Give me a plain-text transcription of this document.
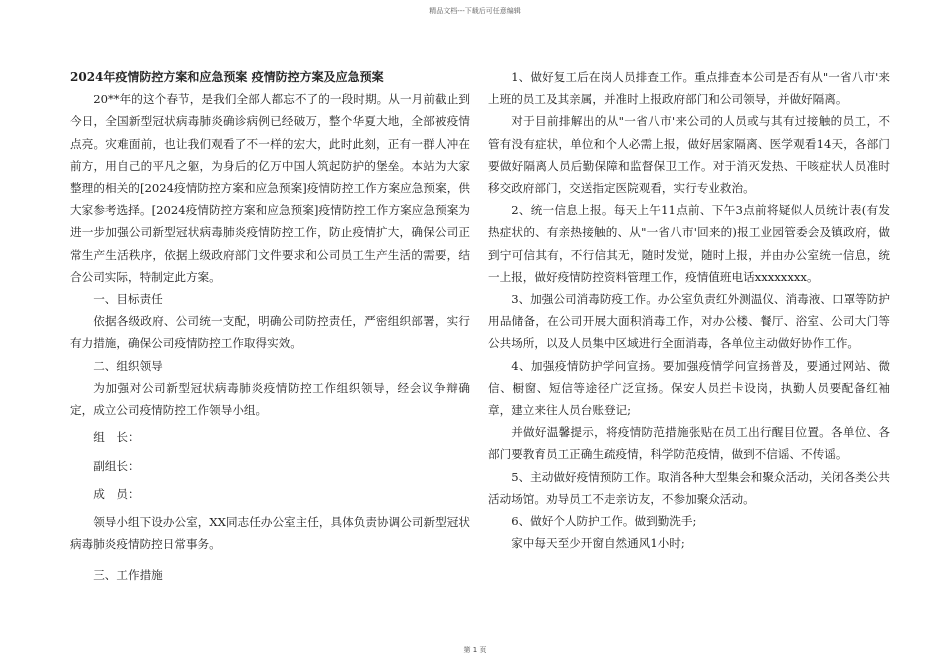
精品文档---下载后可任意编辑

2024年疫情防控方案和应急预案 疫情防控方案及应急预案

20**年的这个春节，是我们全部人都忘不了的一段时期。从一月前截止到今日，全国新型冠状病毒肺炎确诊病例已经破万，整个华夏大地，全部被疫情点亮。灾难面前，也让我们观看了不一样的宏大，此时此刻，正有一群人冲在前方，用自己的平凡之躯，为身后的亿万中国人筑起防护的堡垒。本站为大家整理的相关的[2024疫情防控方案和应急预案]疫情防控工作方案应急预案，供大家参考选择。[2024疫情防控方案和应急预案]疫情防控工作方案应急预案为进一步加强公司新型冠状病毒肺炎疫情防控工作，防止疫情扩大，确保公司正常生产生活秩序，依据上级政府部门文件要求和公司员工生产生活的需要，结合公司实际，特制定此方案。

一、目标责任

依据各级政府、公司统一支配，明确公司防控责任，严密组织部署，实行有力措施，确保公司疫情防控工作取得实效。

二、组织领导

为加强对公司新型冠状病毒肺炎疫情防控工作组织领导，经会议争辩确定，成立公司疫情防控工作领导小组。

组　长：

副组长：

成　员：

领导小组下设办公室，XX同志任办公室主任，具体负责协调公司新型冠状病毒肺炎疫情防控日常事务。

三、工作措施

1、做好复工后在岗人员排查工作。重点排查本公司是否有从"一省八市'来上班的员工及其亲属，并准时上报政府部门和公司领导，并做好隔离。

对于目前排解出的从"一省八市'来公司的人员或与其有过接触的员工，不管有没有症状，单位和个人必需上报，做好居家隔离、医学观看14天，各部门要做好隔离人员后勤保障和监督保卫工作。对于消灭发热、干咳症状人员准时移交政府部门，交送指定医院观看，实行专业救治。

2、统一信息上报。每天上午11点前、下午3点前将疑似人员统计表(有发热症状的、有亲热接触的、从"一省八市'回来的)报工业园管委会及镇政府，做到宁可信其有，不行信其无，随时发觉，随时上报，并由办公室统一信息，统一上报，做好疫情防控资料管理工作，疫情值班电话xxxxxxxx。

3、加强公司消毒防疫工作。办公室负责红外测温仪、消毒液、口罩等防护用品储备，在公司开展大面积消毒工作，对办公楼、餐厅、浴室、公司大门等公共场所，以及人员集中区域进行全面消毒，各单位主动做好协作工作。

4、加强疫情防护学问宣扬。要加强疫情学问宣扬普及，要通过网站、微信、橱窗、短信等途径广泛宣扬。保安人员拦卡设岗，执勤人员要配备红袖章，建立来往人员台账登记;

并做好温馨提示，将疫情防范措施张贴在员工出行醒目位置。各单位、各部门要教育员工正确生疏疫情，科学防范疫情，做到不信谣、不传谣。

5、主动做好疫情预防工作。取消各种大型集会和聚众活动，关闭各类公共活动场馆。劝导员工不走亲访友，不参加聚众活动。

6、做好个人防护工作。做到勤洗手;

家中每天至少开窗自然通风1小时;

第 1 页
